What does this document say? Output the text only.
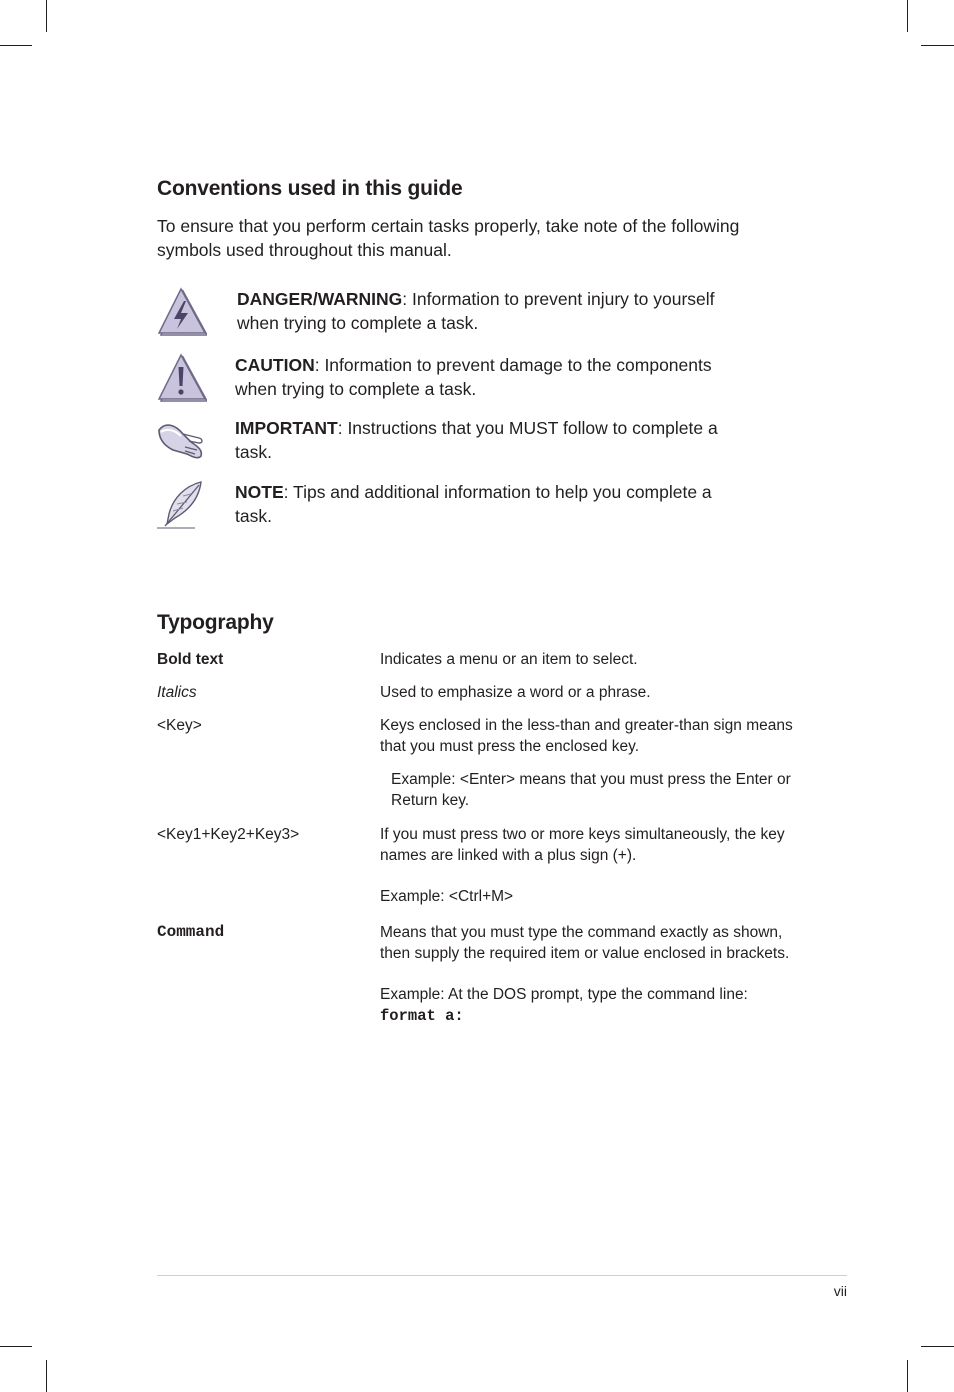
Conventions used in this guide
To ensure that you perform certain tasks properly, take note of the following symbols used throughout this manual.
DANGER/WARNING: Information to prevent injury to yourself when trying to complete a task.
CAUTION: Information to prevent damage to the components when trying to complete a task.
IMPORTANT: Instructions that you MUST follow to complete a task.
NOTE: Tips and additional information to help you complete a task.
Typography
Bold text	Indicates a menu or an item to select.
Italics	Used to emphasize a word or a phrase.
<Key>	Keys enclosed in the less-than and greater-than sign means that you must press the enclosed key.
Example: <Enter> means that you must press the Enter or Return key.
<Key1+Key2+Key3>	If you must press two or more keys simultaneously, the key names are linked with a plus sign (+).
Example: <Ctrl+M>
Command	Means that you must type the command exactly as shown, then supply the required item or value enclosed in brackets.
Example: At the DOS prompt, type the command line:
format a:
vii
